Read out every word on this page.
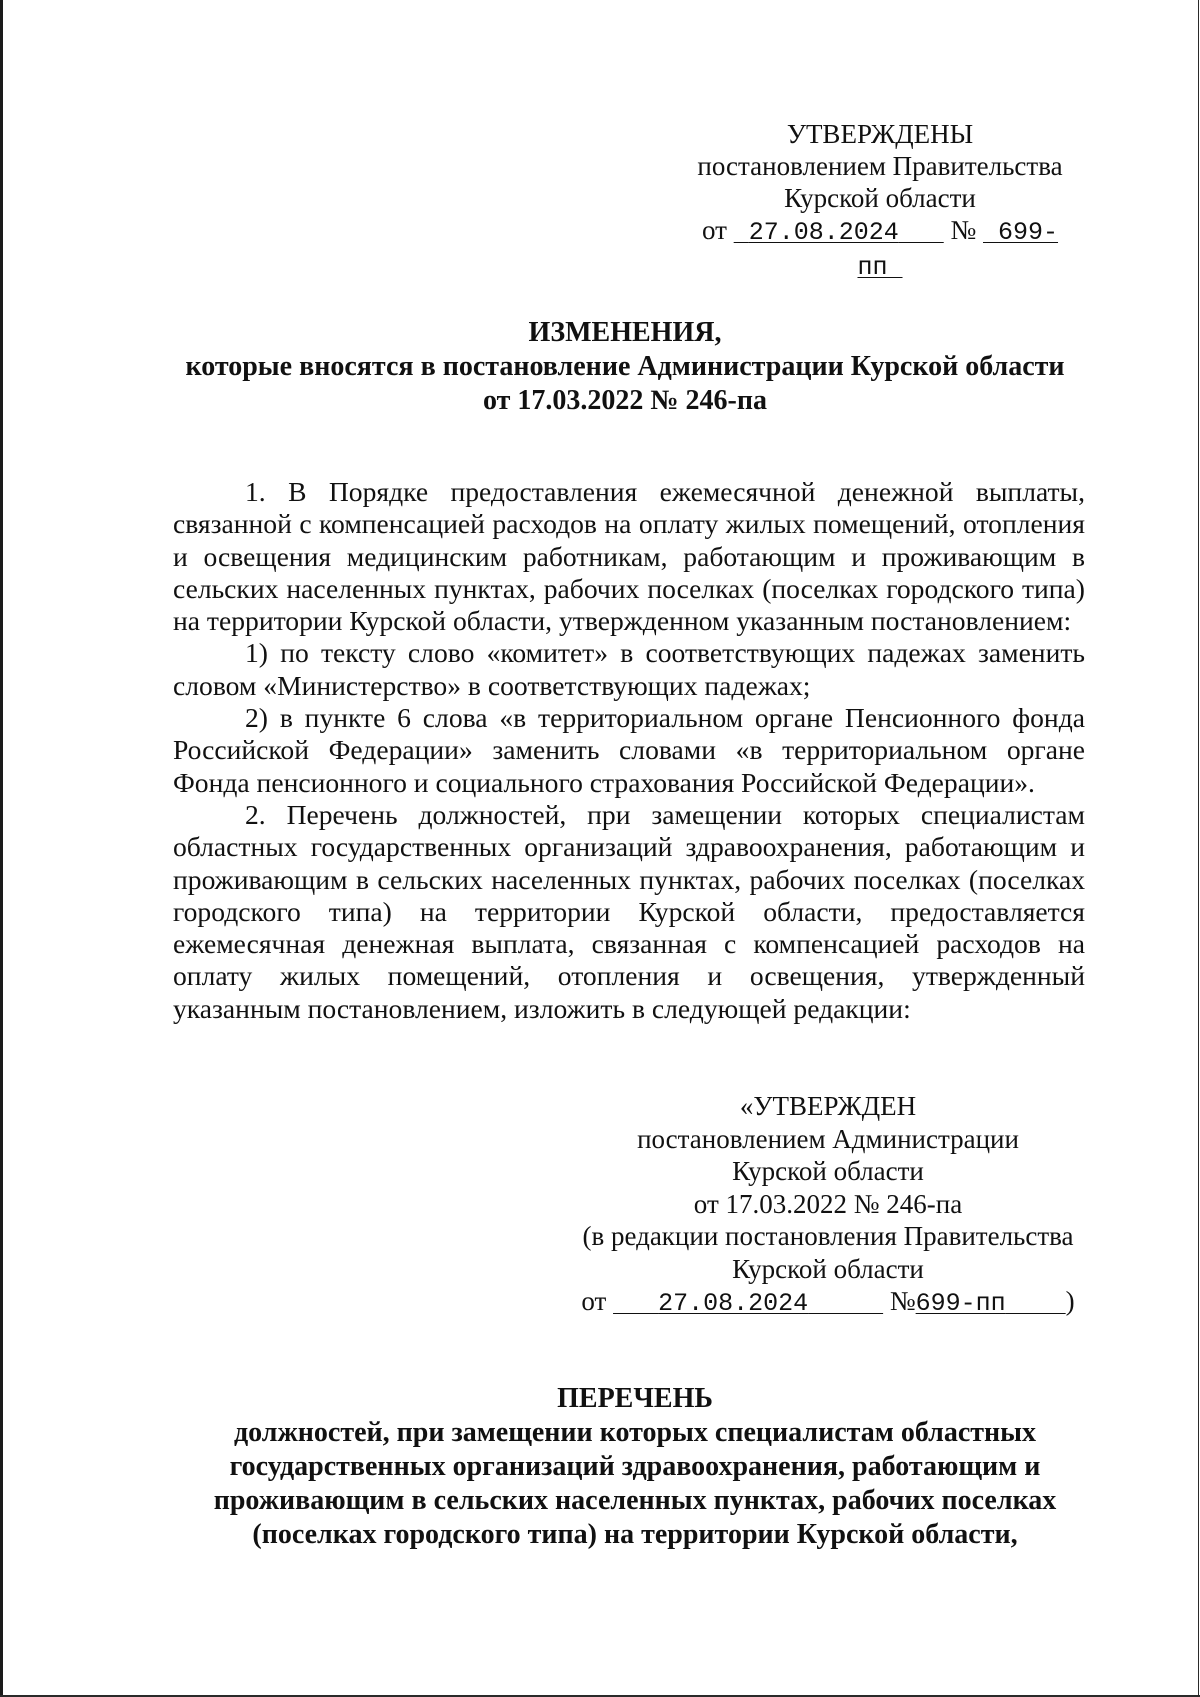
УТВЕРЖДЕНЫ
постановлением Правительства
Курской области
от 27.08.2024 № 699-пп
ИЗМЕНЕНИЯ,
которые вносятся в постановление Администрации Курской области
от 17.03.2022 № 246-па

1. В Порядке предоставления ежемесячной денежной выплаты, связанной с компенсацией расходов на оплату жилых помещений, отопления и освещения медицинским работникам, работающим и проживающим в сельских населенных пунктах, рабочих поселках (поселках городского типа) на территории Курской области, утвержденном указанным постановлением:

1) по тексту слово «комитет» в соответствующих падежах заменить словом «Министерство» в соответствующих падежах;

2) в пункте 6 слова «в территориальном органе Пенсионного фонда Российской Федерации» заменить словами «в территориальном органе Фонда пенсионного и социального страхования Российской Федерации».

2. Перечень должностей, при замещении которых специалистам областных государственных организаций здравоохранения, работающим и проживающим в сельских населенных пунктах, рабочих поселках (поселках городского типа) на территории Курской области, предоставляется ежемесячная денежная выплата, связанная с компенсацией расходов на оплату жилых помещений, отопления и освещения, утвержденный указанным постановлением, изложить в следующей редакции:

«УТВЕРЖДЕН
постановлением Администрации
Курской области
от 17.03.2022 № 246-па
(в редакции постановления Правительства
Курской области
от 27.08.2024	№699-пп )
ПЕРЕЧЕНЬ
должностей, при замещении которых специалистам областных
государственных организаций здравоохранения, работающим и
проживающим в сельских населенных пунктах, рабочих поселках
(поселках городского типа) на территории Курской области,
